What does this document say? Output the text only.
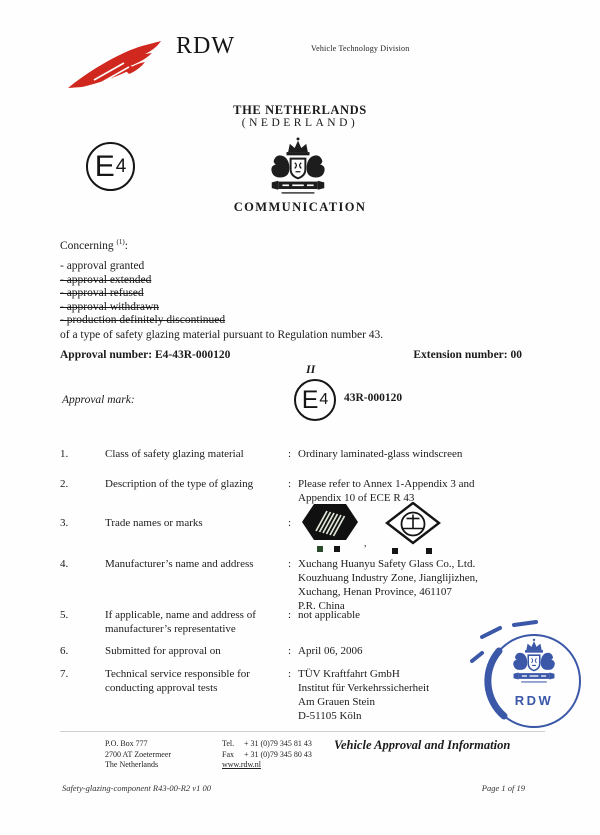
RDW	Vehicle Technology Division
THE NETHERLANDS
(NEDERLAND)
E 4
COMMUNICATION
Concerning $^{(1)}$:
- approval granted
- approval extended
- approval refused
- approval withdrawn
- production definitely discontinued
of a type of safety glazing material pursuant to Regulation number 43.
Approval number: E4-43R-000120	Extension number: 00
Approval mark:
II
E 4 43R-000120
1.	Class of safety glazing material	: Ordinary laminated-glass windscreen
2.	Description of the type of glazing	: Please refer to Annex 1-Appendix 3 and
Appendix 10 of ECE R 43
3.	Trade names or marks	:
,
4.	Manufacturer’s name and address	: Xuchang Huanyu Safety Glass Co., Ltd.
Kouzhuang Industry Zone, Jianglijizhen,
Xuchang, Henan Province, 461107
P.R. China
5.	If applicable, name and address of
manufacturer’s representative
: not applicable
6.	Submitted for approval on	: April 06, 2006
7.	Technical service responsible for
conducting approval tests
: TÜV Kraftfahrt GmbH
Institut für Verkehrssicherheit
Am Grauen Stein
D-51105 Köln
RDW
P.O. Box 777
2700 AT Zoetermeer
The Netherlands
Tel. + 31 (0)79 345 81 43
Fax + 31 (0)79 345 80 43
www.rdw.nl
Vehicle Approval and Information
Safety-glazing-component R43-00-R2 v1 00	Page 1 of 19
